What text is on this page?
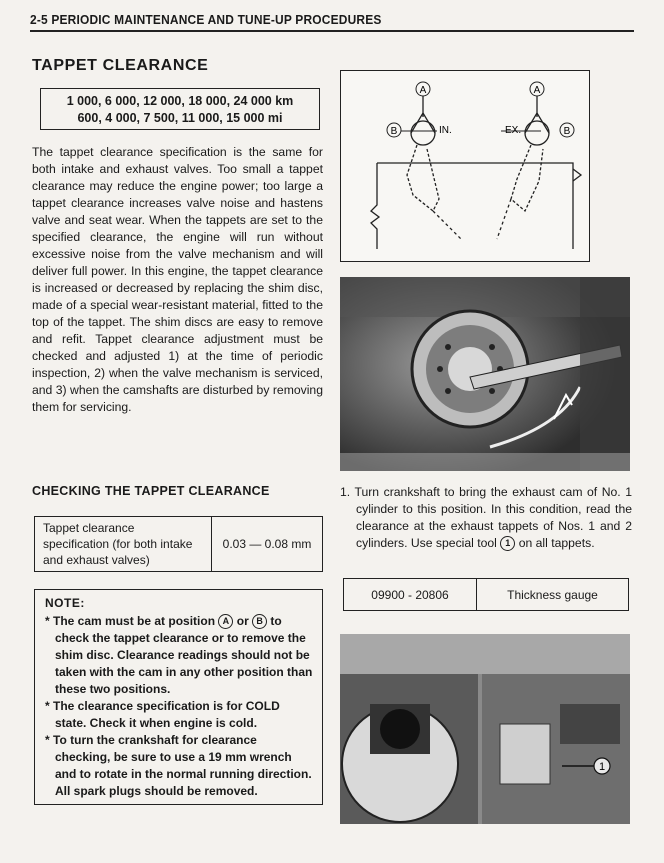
2-5 PERIODIC MAINTENANCE AND TUNE-UP PROCEDURES
TAPPET CLEARANCE
1 000, 6 000, 12 000, 18 000, 24 000 km
600, 4 000, 7 500, 11 000, 15 000 mi

The tappet clearance specification is the same for both intake and exhaust valves. Too small a tappet clearance may reduce the engine power; too large a tappet clearance increases valve noise and hastens valve and seat wear. When the tappets are set to the specified clearance, the engine will run without excessive noise from the valve mechanism and will deliver full power. In this engine, the tappet clearance is increased or decreased by replacing the shim disc, made of a special wear-resistant material, fitted to the top of the tappet. The shim discs are easy to remove and refit. Tappet clearance adjustment must be checked and adjusted 1) at the time of periodic inspection, 2) when the valve mechanism is serviced, and 3) when the camshafts are disturbed by removing them for servicing.

A	A
B	B
IN.	EX.
CHECKING THE TAPPET CLEARANCE
Tappet clearance specification (for both intake and exhaust valves)	0.03 — 0.08 mm
NOTE:

* The cam must be at position A or B to check the tappet clearance or to remove the shim disc. Clearance readings should not be taken with the cam in any other position than these two positions.

* The clearance specification is for COLD state. Check it when engine is cold.

* To turn the crankshaft for clearance checking, be sure to use a 19 mm wrench and to rotate in the normal running direction. All spark plugs should be removed.

1. Turn crankshaft to bring the exhaust cam of No. 1 cylinder to this position. In this condition, read the clearance at the exhaust tappets of Nos. 1 and 2 cylinders. Use special tool 1 on all tappets.

09900 - 20806	Thickness gauge
1
